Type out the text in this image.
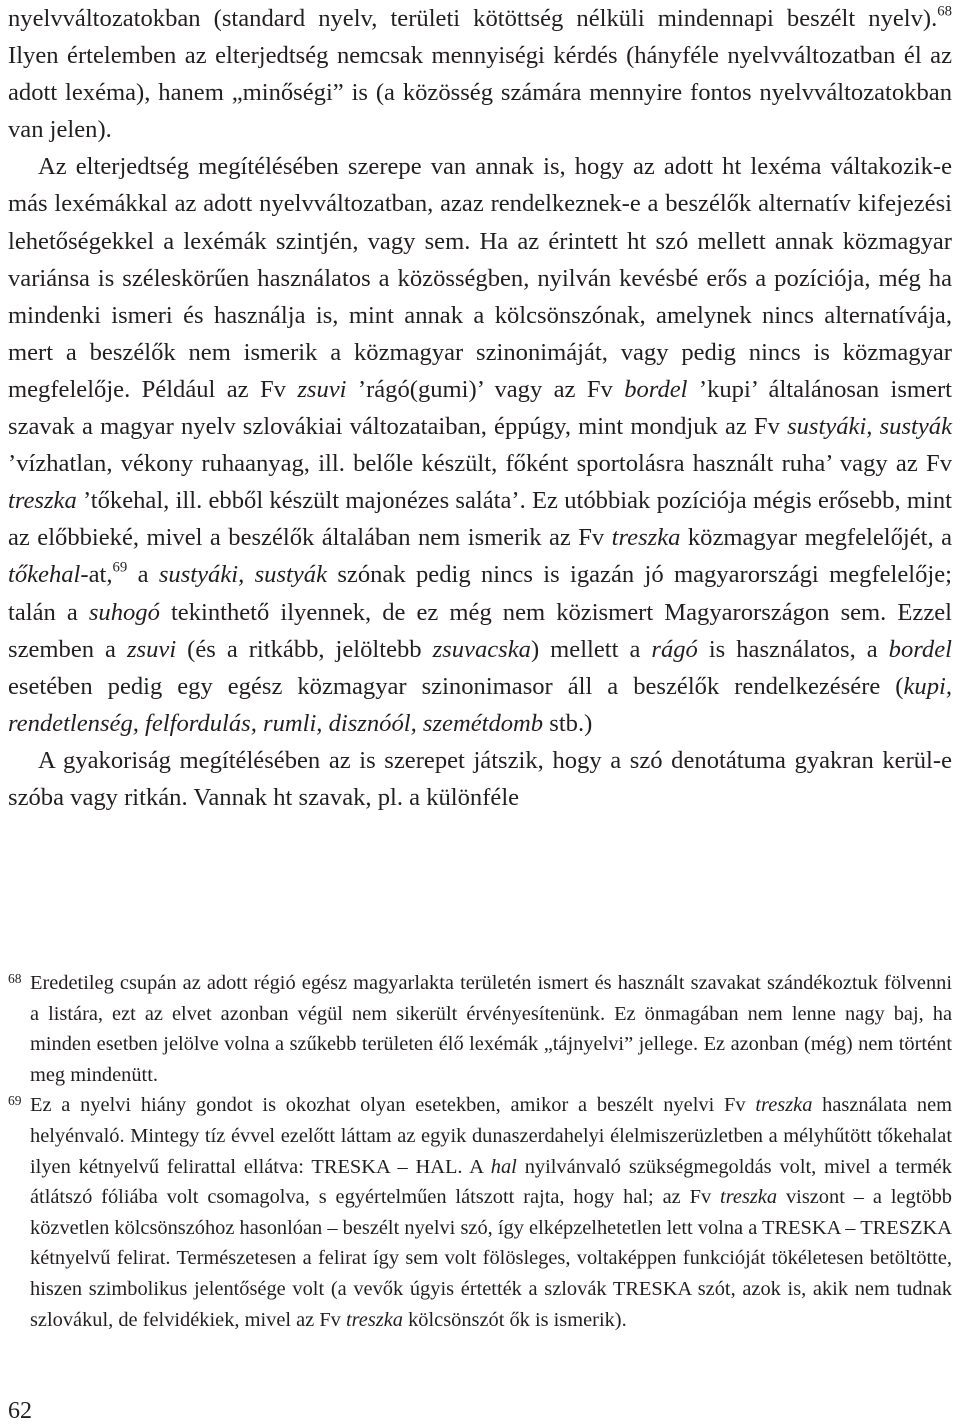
nyelvváltozatokban (standard nyelv, területi kötöttség nélküli mindennapi beszélt nyelv).$^{68}$ Ilyen értelemben az elterjedtség nemcsak mennyiségi kérdés (hányféle nyelvváltozatban él az adott lexéma), hanem „minőségi” is (a közösség számára mennyire fontos nyelvváltozatokban van jelen).

Az elterjedtség megítélésében szerepe van annak is, hogy az adott ht lexéma váltakozik-e más lexémákkal az adott nyelvváltozatban, azaz rendelkeznek-e a beszélők alternatív kifejezési lehetőségekkel a lexémák szintjén, vagy sem. Ha az érintett ht szó mellett annak közmagyar variánsa is széleskörűen használatos a közösségben, nyilván kevésbé erős a pozíciója, még ha mindenki ismeri és használja is, mint annak a kölcsönszónak, amelynek nincs alternatívája, mert a beszélők nem ismerik a közmagyar szinonimáját, vagy pedig nincs is közmagyar megfelelője. Például az Fv zsuvi ’rágó(gumi)’ vagy az Fv bordel ’kupi’ általánosan ismert szavak a magyar nyelv szlovákiai változataiban, éppúgy, mint mondjuk az Fv sustyáki, sustyák ’vízhatlan, vékony ruhaanyag, ill. belőle készült, főként sportolásra használt ruha’ vagy az Fv treszka ’tőkehal, ill. ebből készült majonézes saláta’. Ez utóbbiak pozíciója mégis erősebb, mint az előbbieké, mivel a beszélők általában nem ismerik az Fv treszka közmagyar megfelelőjét, a tőkehal-at,$^{69}$ a sustyáki, sustyák szónak pedig nincs is igazán jó magyarországi megfelelője; talán a suhogó tekinthető ilyennek, de ez még nem közismert Magyarországon sem. Ezzel szemben a zsuvi (és a ritkább, jelöltebb zsuvacska) mellett a rágó is használatos, a bordel esetében pedig egy egész közmagyar szinonimasor áll a beszélők rendelkezésére (kupi, rendetlenség, felfordulás, rumli, disznóól, szemétdomb stb.)

A gyakoriság megítélésében az is szerepet játszik, hogy a szó denotátuma gyakran kerül-e szóba vagy ritkán. Vannak ht szavak, pl. a különféle

68 Eredetileg csupán az adott régió egész magyarlakta területén ismert és használt szavakat szándékoztuk fölvenni a listára, ezt az elvet azonban végül nem sikerült érvényesítenünk. Ez önmagában nem lenne nagy baj, ha minden esetben jelölve volna a szűkebb területen élő lexémák „tájnyelvi” jellege. Ez azonban (még) nem történt meg mindenütt.

69 Ez a nyelvi hiány gondot is okozhat olyan esetekben, amikor a beszélt nyelvi Fv treszka használata nem helyénvaló. Mintegy tíz évvel ezelőtt láttam az egyik dunaszerdahelyi élelmiszerüzletben a mélyhűtött tőkehalat ilyen kétnyelvű felirattal ellátva: TRESKA – HAL. A hal nyilvánvaló szükségmegoldás volt, mivel a termék átlátszó fóliába volt csomagolva, s egyértelműen látszott rajta, hogy hal; az Fv treszka viszont – a legtöbb közvetlen kölcsönszóhoz hasonlóan – beszélt nyelvi szó, így elképzelhetetlen lett volna a TRESKA – TRESZKA kétnyelvű felirat. Természetesen a felirat így sem volt fölösleges, voltaképpen funkcióját tökéletesen betöltötte, hiszen szimbolikus jelentősége volt (a vevők úgyis értették a szlovák TRESKA szót, azok is, akik nem tudnak szlovákul, de felvidékiek, mivel az Fv treszka kölcsönszót ők is ismerik).

62
